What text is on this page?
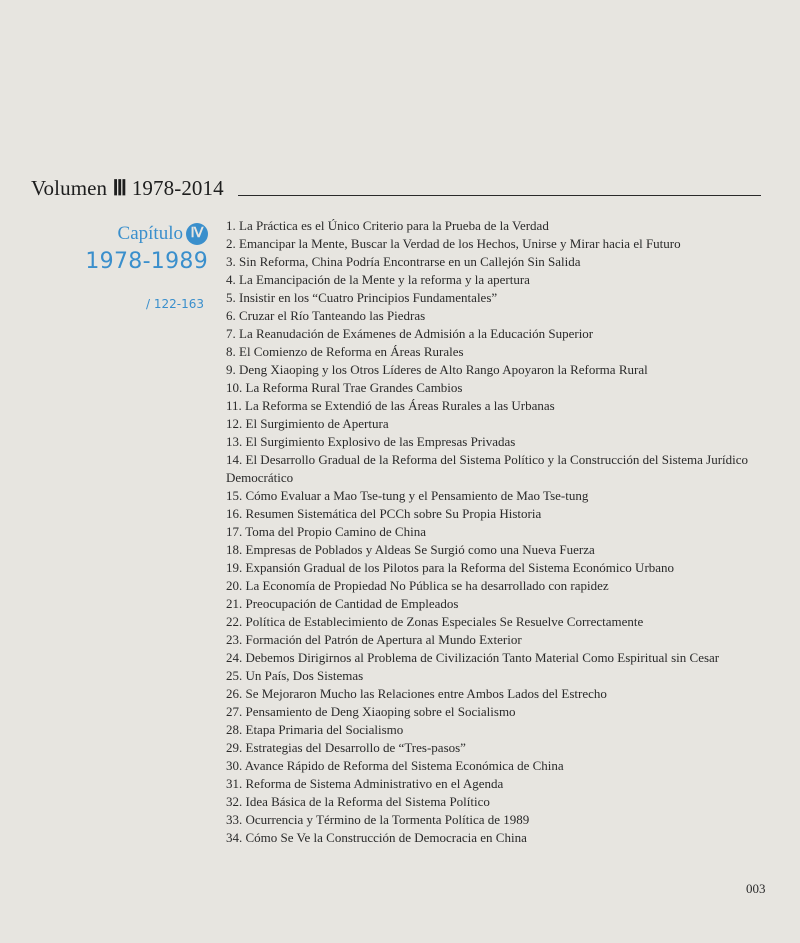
Volumen Ⅲ 1978-2014
Capítulo Ⅳ
1978-1989
/ 122-163
1. La Práctica es el Único Criterio para la Prueba de la Verdad
2. Emancipar la Mente, Buscar la Verdad de los Hechos, Unirse y Mirar hacia el Futuro
3. Sin Reforma, China Podría Encontrarse en un Callejón Sin Salida
4. La Emancipación de la Mente y la reforma y la apertura
5. Insistir en los “Cuatro Principios Fundamentales”
6. Cruzar el Río Tanteando las Piedras
7. La Reanudación de Exámenes de Admisión a la Educación Superior
8. El Comienzo de Reforma en Áreas Rurales
9. Deng Xiaoping y los Otros Líderes de Alto Rango Apoyaron la Reforma Rural
10. La Reforma Rural Trae Grandes Cambios
11. La Reforma se Extendió de las Áreas Rurales a las Urbanas
12. El Surgimiento de Apertura
13. El Surgimiento Explosivo de las Empresas Privadas
14. El Desarrollo Gradual de la Reforma del Sistema Político y la Construcción del Sistema Jurídico Democrático
15. Cómo Evaluar a Mao Tse-tung y el Pensamiento de Mao Tse-tung
16. Resumen Sistemática del PCCh sobre Su Propia Historia
17. Toma del Propio Camino de China
18. Empresas de Poblados y Aldeas Se Surgió como una Nueva Fuerza
19. Expansión Gradual de los Pilotos para la Reforma del Sistema Económico Urbano
20. La Economía de Propiedad No Pública se ha desarrollado con rapidez
21. Preocupación de Cantidad de Empleados
22. Política de Establecimiento de Zonas Especiales Se Resuelve Correctamente
23. Formación del Patrón de Apertura al Mundo Exterior
24. Debemos Dirigirnos al Problema de Civilización Tanto Material Como Espiritual sin Cesar
25. Un País, Dos Sistemas
26. Se Mejoraron Mucho las Relaciones entre Ambos Lados del Estrecho
27. Pensamiento de Deng Xiaoping sobre el Socialismo
28. Etapa Primaria del Socialismo
29. Estrategias del Desarrollo de “Tres-pasos”
30. Avance Rápido de Reforma del Sistema Económica de China
31. Reforma de Sistema Administrativo en el Agenda
32. Idea Básica de la Reforma del Sistema Político
33. Ocurrencia y Término de la Tormenta Política de 1989
34. Cómo Se Ve la Construcción de Democracia en China
003
